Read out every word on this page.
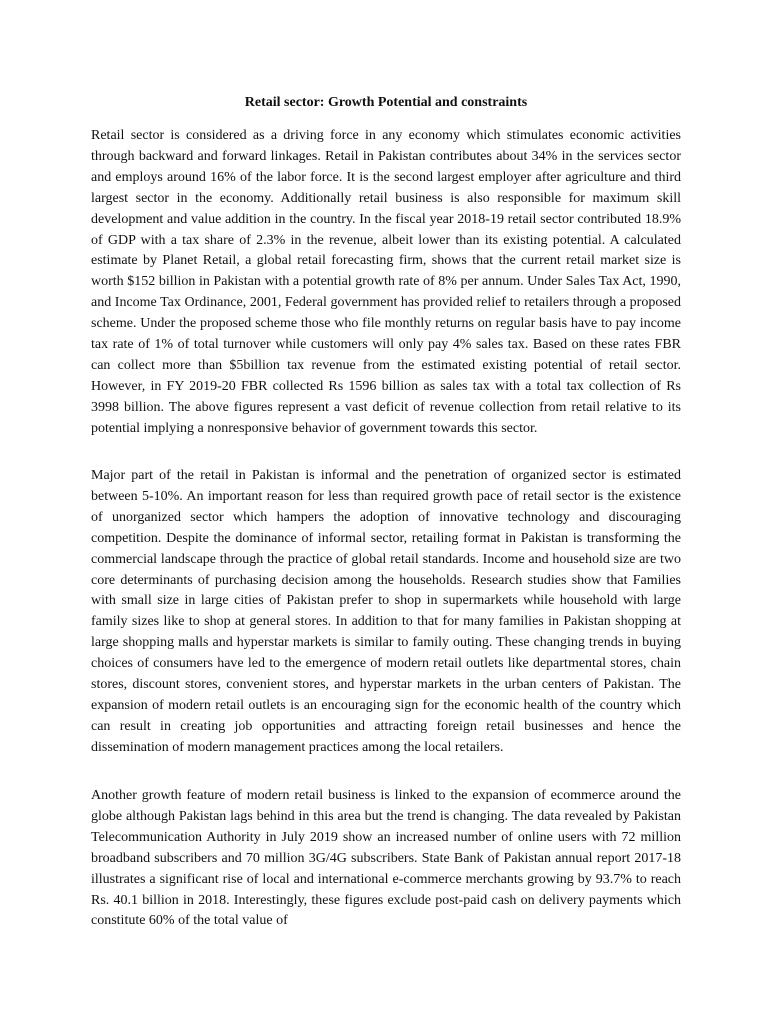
Retail sector: Growth Potential and constraints

Retail sector is considered as a driving force in any economy which stimulates economic activities through backward and forward linkages. Retail in Pakistan contributes about 34% in the services sector and employs around 16% of the labor force. It is the second largest employer after agriculture and third largest sector in the economy. Additionally retail business is also responsible for maximum skill development and value addition in the country. In the fiscal year 2018-19 retail sector contributed 18.9% of GDP with a tax share of 2.3% in the revenue, albeit lower than its existing potential. A calculated estimate by Planet Retail, a global retail forecasting firm, shows that the current retail market size is worth $152 billion in Pakistan with a potential growth rate of 8% per annum. Under Sales Tax Act, 1990, and Income Tax Ordinance, 2001, Federal government has provided relief to retailers through a proposed scheme. Under the proposed scheme those who file monthly returns on regular basis have to pay income tax rate of 1% of total turnover while customers will only pay 4% sales tax. Based on these rates FBR can collect more than $5billion tax revenue from the estimated existing potential of retail sector. However, in FY 2019-20 FBR collected Rs 1596 billion as sales tax with a total tax collection of Rs 3998 billion. The above figures represent a vast deficit of revenue collection from retail relative to its potential implying a nonresponsive behavior of government towards this sector.

Major part of the retail in Pakistan is informal and the penetration of organized sector is estimated between 5-10%. An important reason for less than required growth pace of retail sector is the existence of unorganized sector which hampers the adoption of innovative technology and discouraging competition. Despite the dominance of informal sector, retailing format in Pakistan is transforming the commercial landscape through the practice of global retail standards. Income and household size are two core determinants of purchasing decision among the households. Research studies show that Families with small size in large cities of Pakistan prefer to shop in supermarkets while household with large family sizes like to shop at general stores. In addition to that for many families in Pakistan shopping at large shopping malls and hyperstar markets is similar to family outing. These changing trends in buying choices of consumers have led to the emergence of modern retail outlets like departmental stores, chain stores, discount stores, convenient stores, and hyperstar markets in the urban centers of Pakistan. The expansion of modern retail outlets is an encouraging sign for the economic health of the country which can result in creating job opportunities and attracting foreign retail businesses and hence the dissemination of modern management practices among the local retailers.

Another growth feature of modern retail business is linked to the expansion of ecommerce around the globe although Pakistan lags behind in this area but the trend is changing. The data revealed by Pakistan Telecommunication Authority in July 2019 show an increased number of online users with 72 million broadband subscribers and 70 million 3G/4G subscribers. State Bank of Pakistan annual report 2017-18 illustrates a significant rise of local and international e-commerce merchants growing by 93.7% to reach Rs. 40.1 billion in 2018. Interestingly, these figures exclude post-paid cash on delivery payments which constitute 60% of the total value of
